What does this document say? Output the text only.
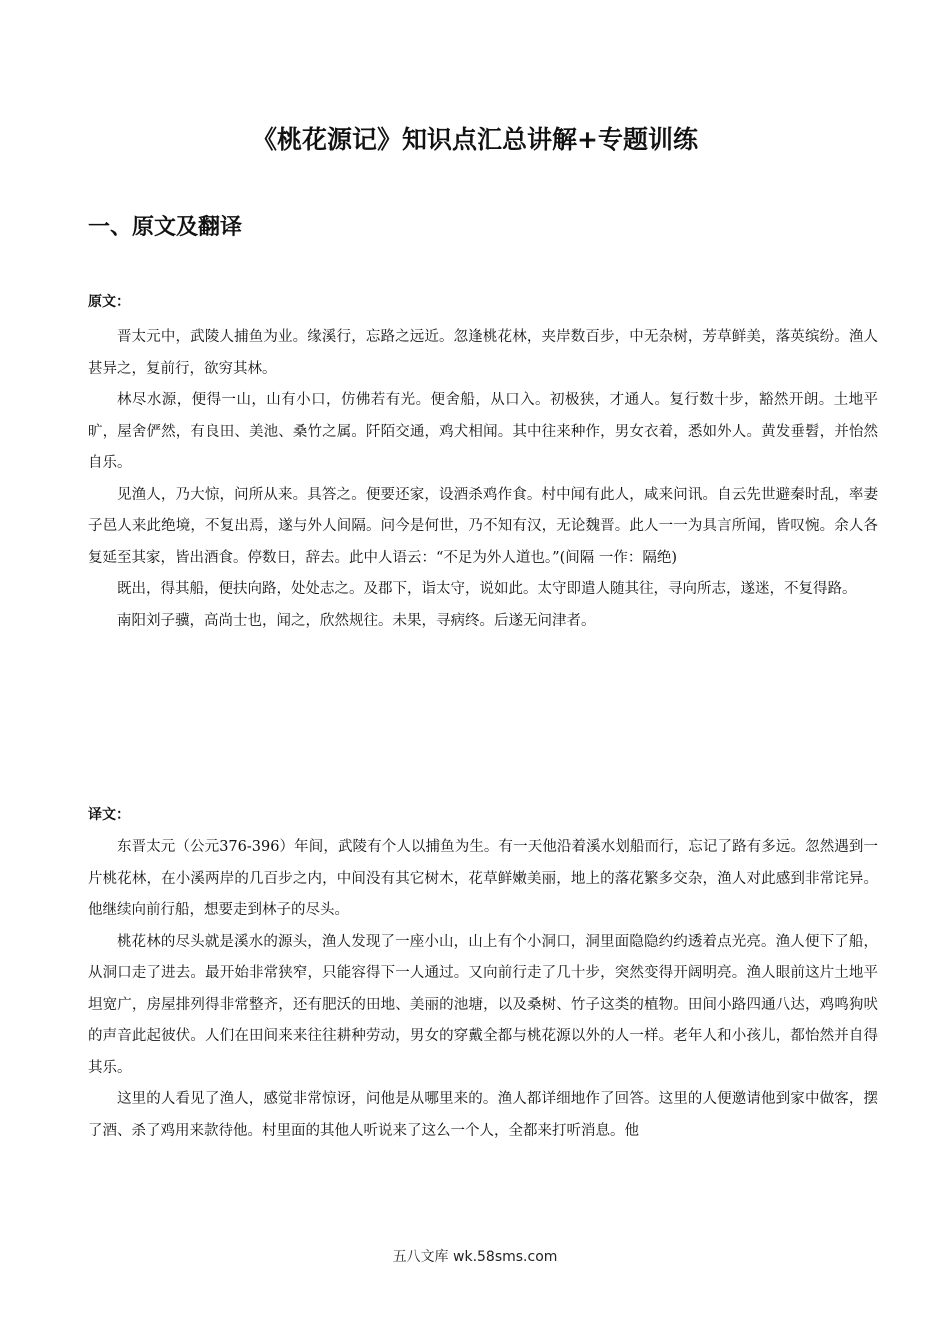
《桃花源记》知识点汇总讲解+专题训练
一、原文及翻译
原文：

晋太元中，武陵人捕鱼为业。缘溪行，忘路之远近。忽逢桃花林，夹岸数百步，中无杂树，芳草鲜美，落英缤纷。渔人甚异之，复前行，欲穷其林。

林尽水源，便得一山，山有小口，仿佛若有光。便舍船，从口入。初极狭，才通人。复行数十步，豁然开朗。土地平旷，屋舍俨然，有良田、美池、桑竹之属。阡陌交通，鸡犬相闻。其中往来种作，男女衣着，悉如外人。黄发垂髫，并怡然自乐。

见渔人，乃大惊，问所从来。具答之。便要还家，设酒杀鸡作食。村中闻有此人，咸来问讯。自云先世避秦时乱，率妻子邑人来此绝境，不复出焉，遂与外人间隔。问今是何世，乃不知有汉，无论魏晋。此人一一为具言所闻，皆叹惋。余人各复延至其家，皆出酒食。停数日，辞去。此中人语云：“不足为外人道也。”(间隔 一作：隔绝)

既出，得其船，便扶向路，处处志之。及郡下，诣太守，说如此。太守即遣人随其往，寻向所志，遂迷，不复得路。

南阳刘子骥，高尚士也，闻之，欣然规往。未果，寻病终。后遂无问津者。

译文：

东晋太元（公元376-396）年间，武陵有个人以捕鱼为生。有一天他沿着溪水划船而行，忘记了路有多远。忽然遇到一片桃花林，在小溪两岸的几百步之内，中间没有其它树木，花草鲜嫩美丽，地上的落花繁多交杂，渔人对此感到非常诧异。他继续向前行船，想要走到林子的尽头。

桃花林的尽头就是溪水的源头，渔人发现了一座小山，山上有个小洞口，洞里面隐隐约约透着点光亮。渔人便下了船，从洞口走了进去。最开始非常狭窄，只能容得下一人通过。又向前行走了几十步，突然变得开阔明亮。渔人眼前这片土地平坦宽广，房屋排列得非常整齐，还有肥沃的田地、美丽的池塘，以及桑树、竹子这类的植物。田间小路四通八达，鸡鸣狗吠的声音此起彼伏。人们在田间来来往往耕种劳动，男女的穿戴全都与桃花源以外的人一样。老年人和小孩儿，都怡然并自得其乐。

这里的人看见了渔人，感觉非常惊讶，问他是从哪里来的。渔人都详细地作了回答。这里的人便邀请他到家中做客，摆了酒、杀了鸡用来款待他。村里面的其他人听说来了这么一个人，全都来打听消息。他

五八文库 wk.58sms.com
